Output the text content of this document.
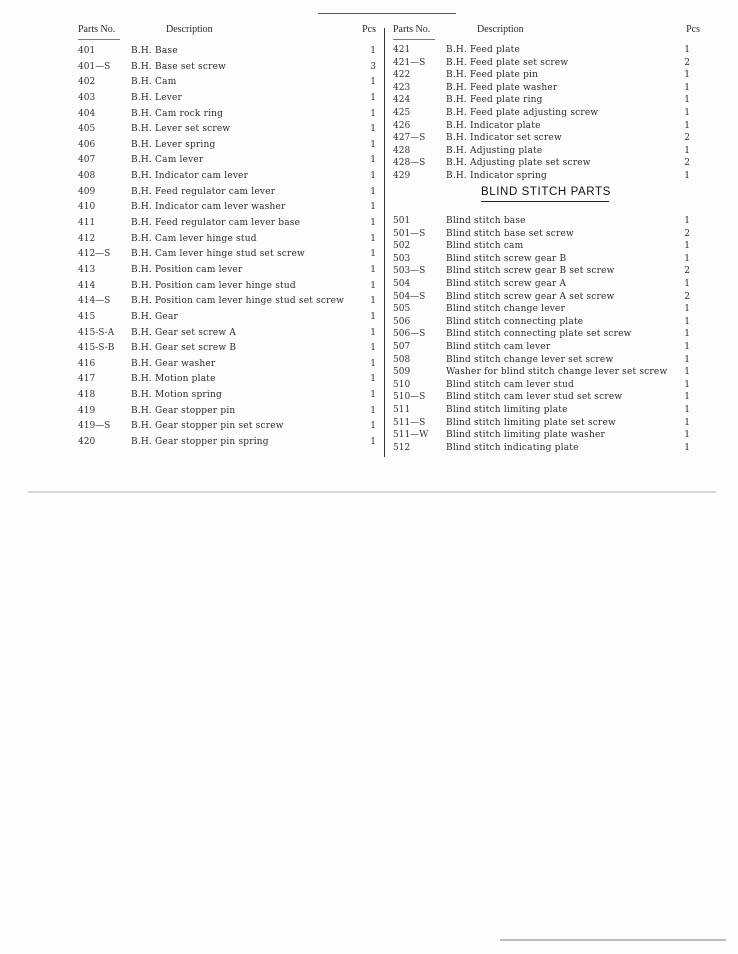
Parts No.	Description	Pcs
401	B.H. Base	1
401—S B.H. Base set screw	3
402	B.H. Cam	1
403	B.H. Lever	1
404	B.H. Cam rock ring	1
405	B.H. Lever set screw	1
406	B.H. Lever spring	1
407	B.H. Cam lever	1
408	B.H. Indicator cam lever	1
409	B.H. Feed regulator cam lever	1
410	B.H. Indicator cam lever washer	1
411	B.H. Feed regulator cam lever base	1
412	B.H. Cam lever hinge stud	1
412—S B.H. Cam lever hinge stud set screw	1
413	B.H. Position cam lever	1
414	B.H. Position cam lever hinge stud	1
414—S B.H. Position cam lever hinge stud set screw	1
415	B.H. Gear	1
415-S-A B.H. Gear set screw A	1
415-S-B B.H. Gear set screw B	1
416	B.H. Gear washer	1
417	B.H. Motion plate	1
418	B.H. Motion spring	1
419	B.H. Gear stopper pin	1
419—S B.H. Gear stopper pin set screw	1
420	B.H. Gear stopper pin spring	1
Parts No.	Description	Pcs
421	B.H. Feed plate	1
421—S B.H. Feed plate set screw	2
422	B.H. Feed plate pin	1
423	B.H. Feed plate washer	1
424	B.H. Feed plate ring	1
425	B.H. Feed plate adjusting screw	1
426	B.H. Indicator plate	1
427—S B.H. Indicator set screw	2
428	B.H. Adjusting plate	1
428—S B.H. Adjusting plate set screw	2
429	B.H. Indicator spring	1
BLIND STITCH PARTS
501	Blind stitch base	1
501—S Blind stitch base set screw	2
502	Blind stitch cam	1
503	Blind stitch screw gear B	1
503—S Blind stitch screw gear B set screw	2
504	Blind stitch screw gear A	1
504—S Blind stitch screw gear A set screw	2
505	Blind stitch change lever	1
506	Blind stitch connecting plate	1
506—S Blind stitch connecting plate set screw	1
507	Blind stitch cam lever	1
508	Blind stitch change lever set screw	1
509	Washer for blind stitch change lever set screw 1
510	Blind stitch cam lever stud	1
510—S Blind stitch cam lever stud set screw	1
511	Blind stitch limiting plate	1
511—S Blind stitch limiting plate set screw	1
511—W Blind stitch limiting plate washer	1
512	Blind stitch indicating plate	1
